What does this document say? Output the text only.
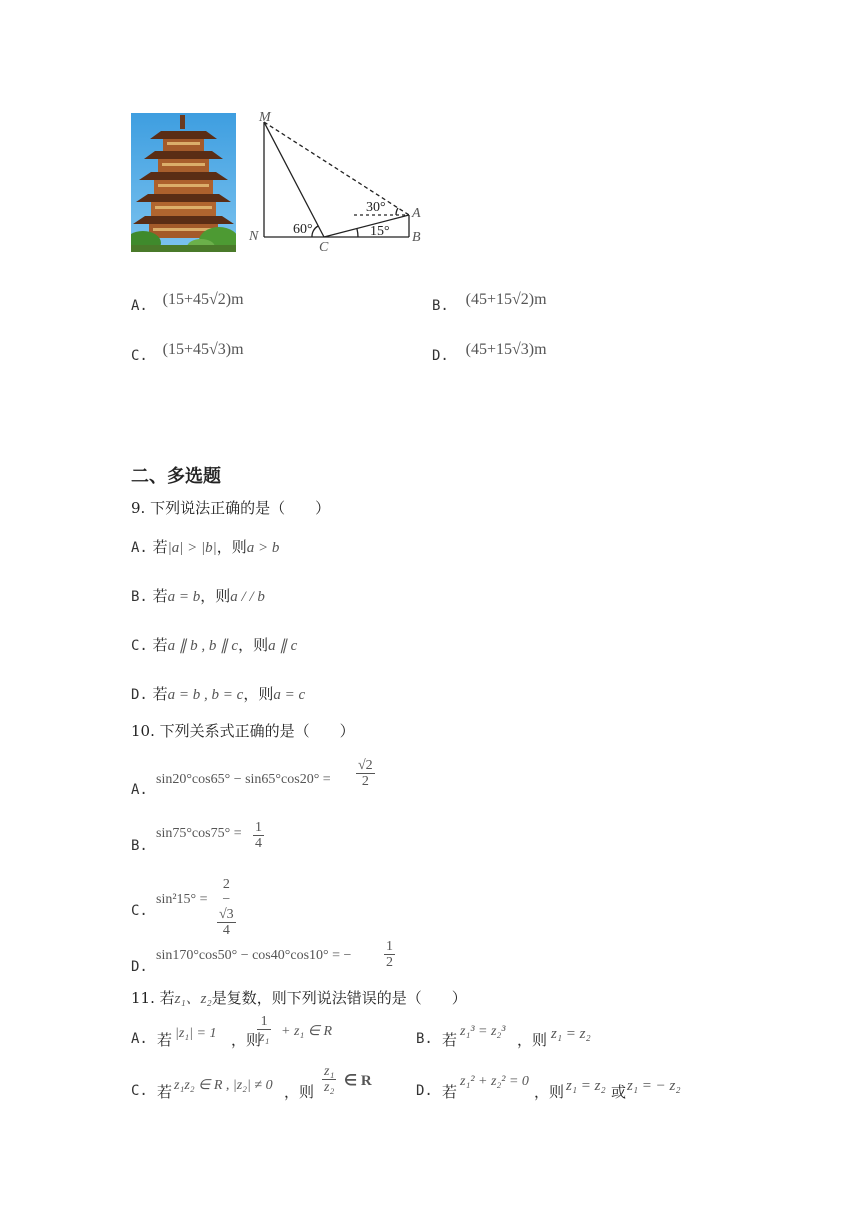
M
N
C
A
B
60°
30°
15°
A. (15+45√2)m	B. (45+15√2)m
C. (15+45√3)m	D. (45+15√3)m
二、多选题
9. 下列说法正确的是（　　）
A. 若|a| > |b|，则a > b
B. 若a = b，则a / / b
C. 若a ∥ b , b ∥ c，则a ∥ c
D. 若a = b , b = c，则a = c
10. 下列关系式正确的是（　　）
A.
$\sin 20^\circ\cos 65^\circ - \sin 65^\circ\cos 20^\circ = \frac{√2}{2}$
B.
$\sin 75^\circ\cos 75^\circ = \frac{1}{4}$
C.
$\sin^215^\circ = \frac{2 - √3}{4}$
D.
sin170°cos50° − cos40°cos10° = − $\frac{1}{2}$
11. 若z₁、z₂是复数，则下列说法错误的是（　　）
A. 若 |z₁| = 1 ，则
$\frac{1}{\text{z₁}} + z_1$ ∈ R	B. 若 z₁³ = z₂³ ，则 z₁ = z₂
C. 若 z₁z₂ ∈ R , |z₂| ≠ 0 ，则 $\frac{\text{z₁}}{\text{z₂}}$ ∈ R
D. 若
z₁² + z₂² = 0
，则 z₁ = z₂ 或 z₁ = − z₂
